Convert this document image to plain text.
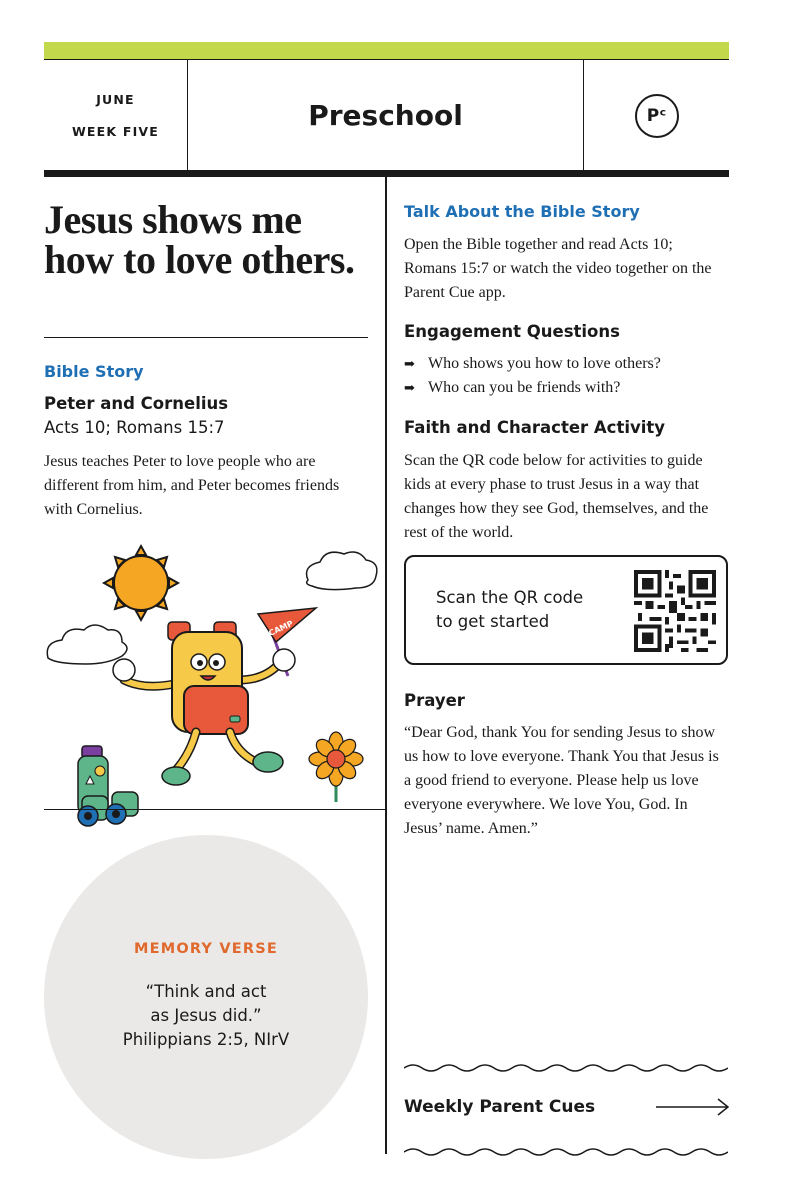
JUNE
WEEK FIVE	Preschool	Pᶜ
Jesus shows me how to love others.
Bible Story
Peter and Cornelius
Acts 10; Romans 15:7
Jesus teaches Peter to love people who are different from him, and Peter becomes friends with Cornelius.
CAMP
MEMORY VERSE
“Think and act
as Jesus did.”
Philippians 2:5, NIrV
Talk About the Bible Story
Open the Bible together and read Acts 10; Romans 15:7 or watch the video together on the Parent Cue app.
Engagement Questions
➡ Who shows you how to love others?
➡ Who can you be friends with?
Faith and Character Activity
Scan the QR code below for activities to guide kids at every phase to trust Jesus in a way that changes how they see God, themselves, and the rest of the world.
Scan the QR code
to get started
Prayer
“Dear God, thank You for sending Jesus to show us how to love everyone. Thank You that Jesus is a good friend to everyone. Please help us love everyone everywhere. We love You, God. In Jesus’ name. Amen.”
Weekly Parent Cues
